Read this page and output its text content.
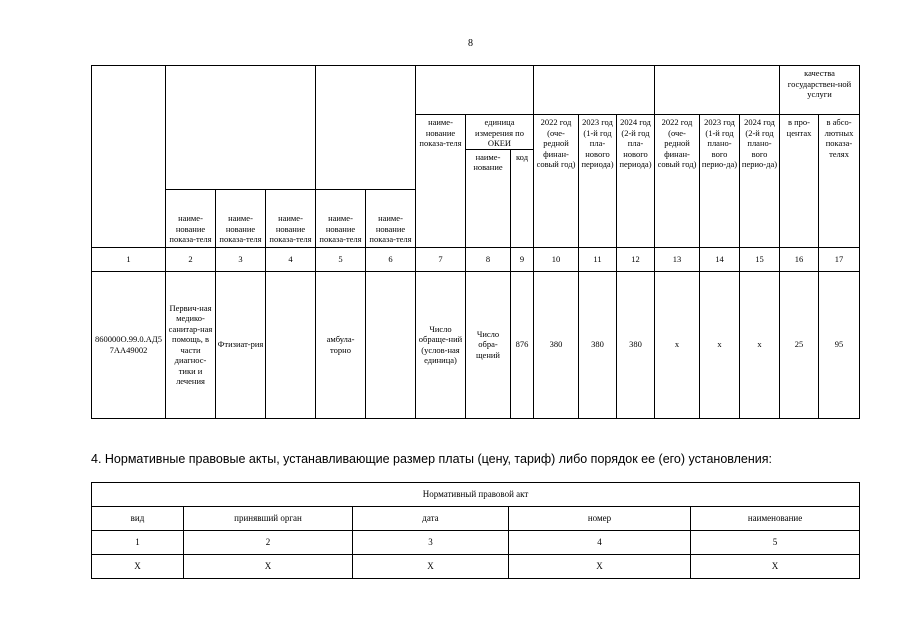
8
															качества государствен-ной услуги	
						наиме-нование показа-теля	единица измерения по ОКЕИ		2022 год (оче-редной финан-совый год)	2023 год (1-й год пла-нового периода)	2024 год (2-й год пла-нового периода)	2022 год (оче-редной финан-совый год)	2023 год (1-й год плано-вого перио-да)	2024 год (2-й год плано-вого перио-да)	в про-центах	в абсо-лютных показа-телях
							наиме-нование	код								
	наиме-нование показа-теля	наиме-нование показа-теля	наиме-нование показа-теля	наиме-нование показа-теля	наиме-нование показа-теля											
1	2	3	4	5	6	7	8	9	10	11	12	13	14	15	16	17
860000О.99.0.АД57АА49002	Первич-ная медико-санитар-ная помощь, в части диагнос-тики и лечения	Фтизиат-рия		амбула-торно		Число обраще-ний (услов-ная единица)	Число обра-щений	876	380	380	380	х	х	х	25	95
4. Нормативные правовые акты, устанавливающие размер платы (цену, тариф) либо порядок ее (его) установления:
Нормативный правовой акт				
вид	принявший орган	дата	номер	наименование
1	2	3	4	5
Х	Х	Х	Х	Х
